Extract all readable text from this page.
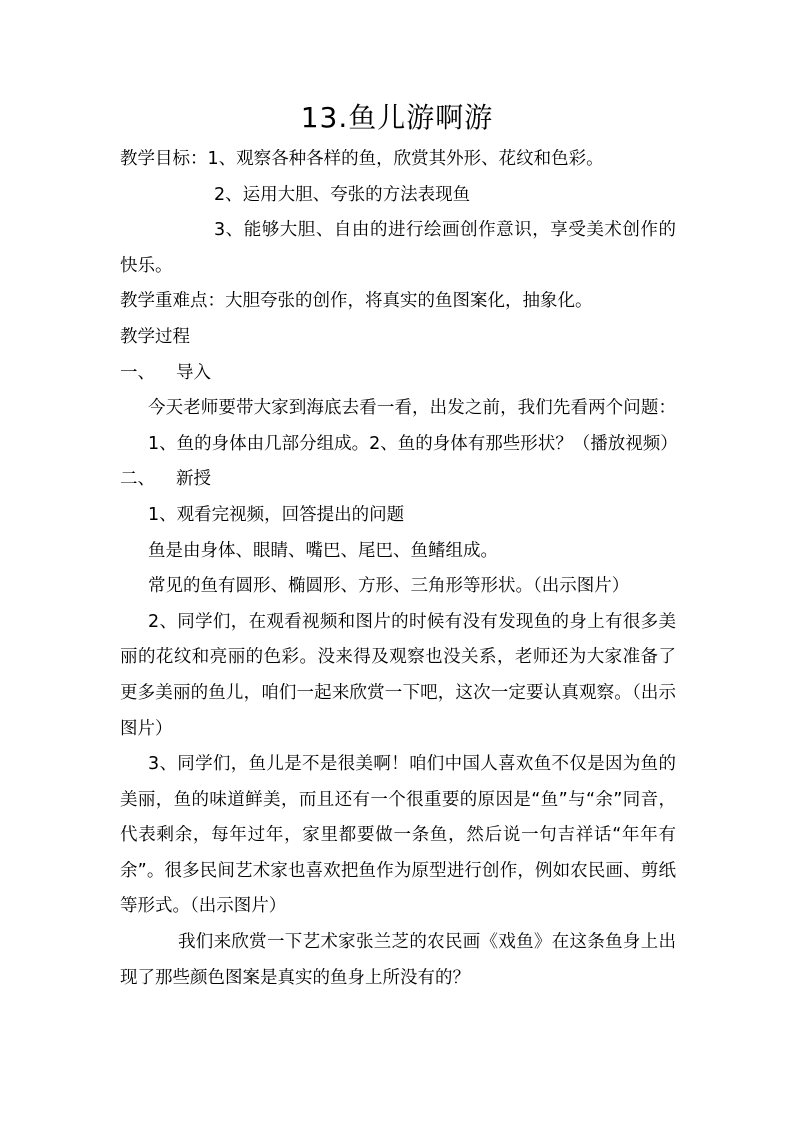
13.鱼儿游啊游

教学目标：1、观察各种各样的鱼，欣赏其外形、花纹和色彩。

2、运用大胆、夸张的方法表现鱼

3、能够大胆、自由的进行绘画创作意识，享受美术创作的快乐。

教学重难点：大胆夸张的创作，将真实的鱼图案化，抽象化。

教学过程

一、	导入

今天老师要带大家到海底去看一看，出发之前，我们先看两个问题：1、鱼的身体由几部分组成。2、鱼的身体有那些形状？（播放视频）

二、	新授

1、观看完视频，回答提出的问题

鱼是由身体、眼睛、嘴巴、尾巴、鱼鳍组成。

常见的鱼有圆形、椭圆形、方形、三角形等形状。（出示图片）

2、同学们，在观看视频和图片的时候有没有发现鱼的身上有很多美丽的花纹和亮丽的色彩。没来得及观察也没关系，老师还为大家准备了更多美丽的鱼儿，咱们一起来欣赏一下吧，这次一定要认真观察。（出示图片）

3、同学们，鱼儿是不是很美啊！咱们中国人喜欢鱼不仅是因为鱼的美丽，鱼的味道鲜美，而且还有一个很重要的原因是“鱼”与“余”同音，代表剩余，每年过年，家里都要做一条鱼，然后说一句吉祥话“年年有余”。很多民间艺术家也喜欢把鱼作为原型进行创作，例如农民画、剪纸等形式。（出示图片）

我们来欣赏一下艺术家张兰芝的农民画《戏鱼》在这条鱼身上出现了那些颜色图案是真实的鱼身上所没有的？
